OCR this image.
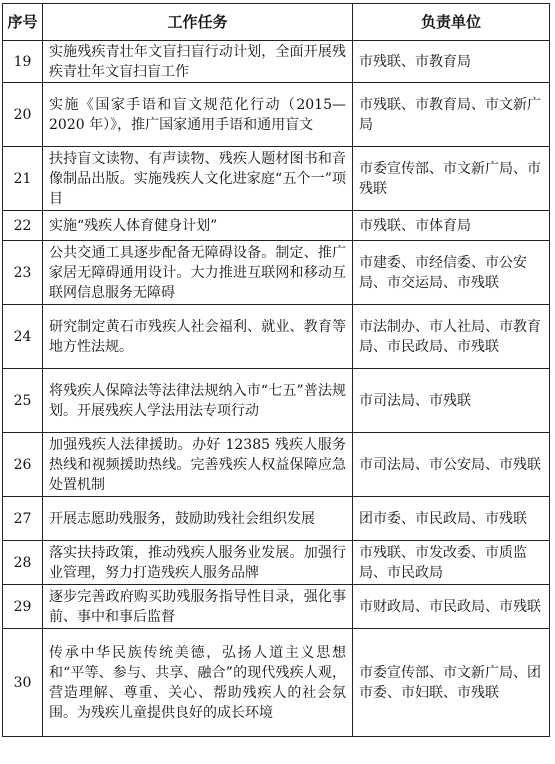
序号	工作任务	负责单位
19	实施残疾青壮年文盲扫盲行动计划，全面开展残疾青壮年文盲扫盲工作	市残联、市教育局
20	实施《国家手语和盲文规范化行动（2015—2020 年）》，推广国家通用手语和通用盲文	市残联、市教育局、市文新广局
21	扶持盲文读物、有声读物、残疾人题材图书和音像制品出版。实施残疾人文化进家庭“五个一”项目	市委宣传部、市文新广局、市残联
22	实施“残疾人体育健身计划”	市残联、市体育局
23	公共交通工具逐步配备无障碍设备。制定、推广家居无障碍通用设计。大力推进互联网和移动互联网信息服务无障碍	市建委、市经信委、市公安局、市交运局、市残联
24	研究制定黄石市残疾人社会福利、就业、教育等地方性法规。	市法制办、市人社局、市教育局、市民政局、市残联
25	将残疾人保障法等法律法规纳入市“七五”普法规划。开展残疾人学法用法专项行动	市司法局、市残联
26	加强残疾人法律援助。办好 12385 残疾人服务热线和视频援助热线。完善残疾人权益保障应急处置机制	市司法局、市公安局、市残联
27	开展志愿助残服务，鼓励助残社会组织发展	团市委、市民政局、市残联
28	落实扶持政策，推动残疾人服务业发展。加强行业管理，努力打造残疾人服务品牌	市残联、市发改委、市质监局、市民政局
29	逐步完善政府购买助残服务指导性目录，强化事前、事中和事后监督	市财政局、市民政局、市残联
30	传承中华民族传统美德，弘扬人道主义思想和“平等、参与、共享、融合”的现代残疾人观，营造理解、尊重、关心、帮助残疾人的社会氛围。为残疾儿童提供良好的成长环境	市委宣传部、市文新广局、团市委、市妇联、市残联
